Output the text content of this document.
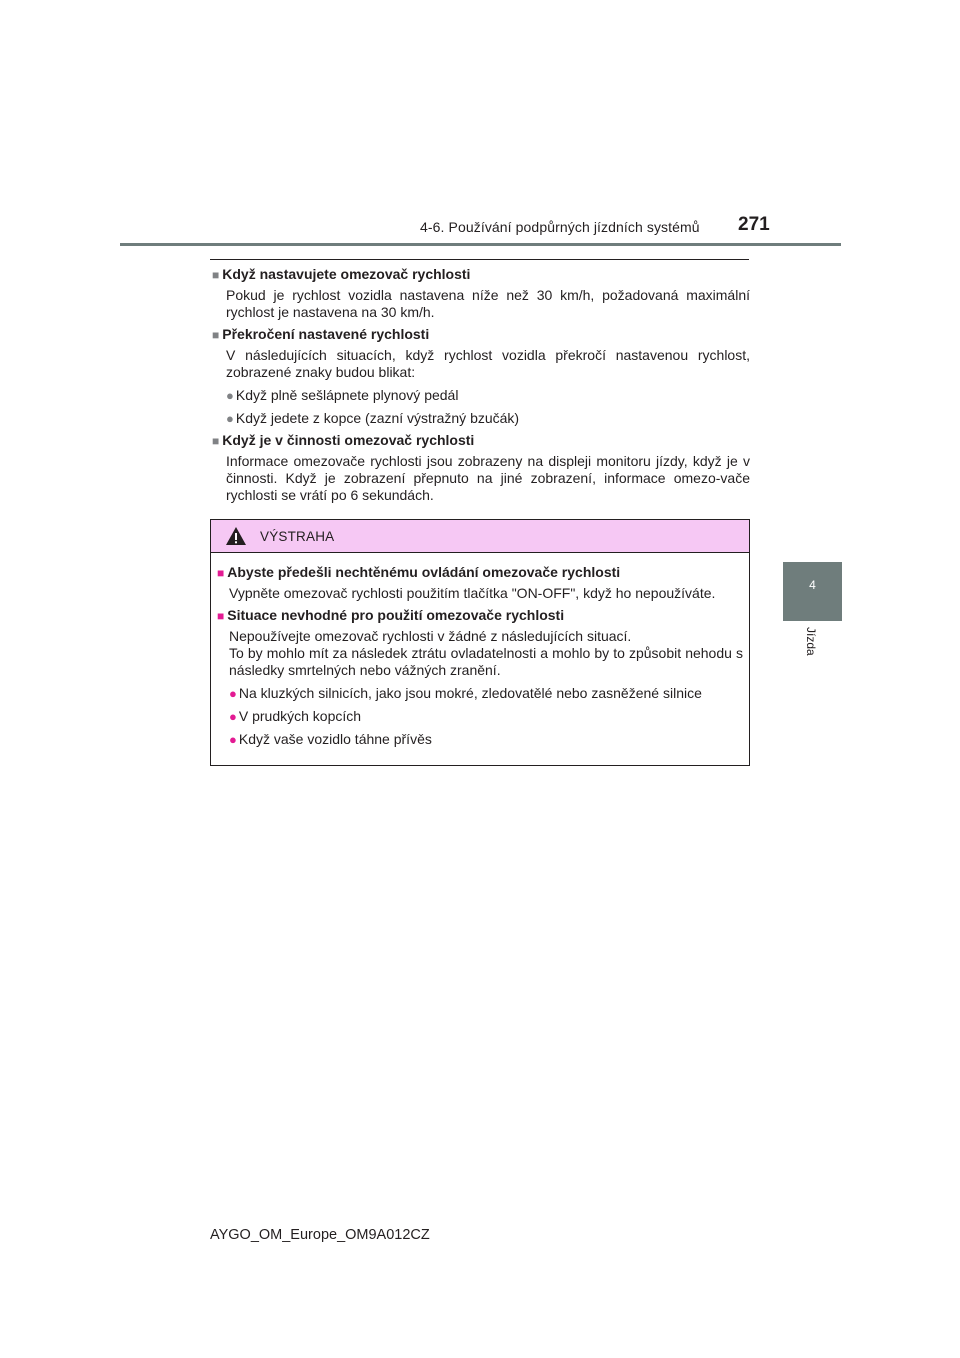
4-6. Používání podpůrných jízdních systémů 271
4
Jízda

■ Když nastavujete omezovač rychlosti

Pokud je rychlost vozidla nastavena níže než 30 km/h, požadovaná maximální rychlost je nastavena na 30 km/h.

■ Překročení nastavené rychlosti

V následujících situacích, když rychlost vozidla překročí nastavenou rychlost, zobrazené znaky budou blikat:

● Když plně sešlápnete plynový pedál

● Když jedete z kopce (zazní výstražný bzučák)

■ Když je v činnosti omezovač rychlosti

Informace omezovače rychlosti jsou zobrazeny na displeji monitoru jízdy, když je v činnosti. Když je zobrazení přepnuto na jiné zobrazení, informace omezo-vače rychlosti se vrátí po 6 sekundách.

VÝSTRAHA

■ Abyste předešli nechtěnému ovládání omezovače rychlosti

Vypněte omezovač rychlosti použitím tlačítka "ON-OFF", když ho nepoužíváte.

■ Situace nevhodné pro použití omezovače rychlosti

Nepoužívejte omezovač rychlosti v žádné z následujících situací.

To by mohlo mít za následek ztrátu ovladatelnosti a mohlo by to způsobit nehodu s následky smrtelných nebo vážných zranění.

● Na kluzkých silnicích, jako jsou mokré, zledovatělé nebo zasněžené silnice

● V prudkých kopcích

● Když vaše vozidlo táhne přívěs

AYGO_OM_Europe_OM9A012CZ
